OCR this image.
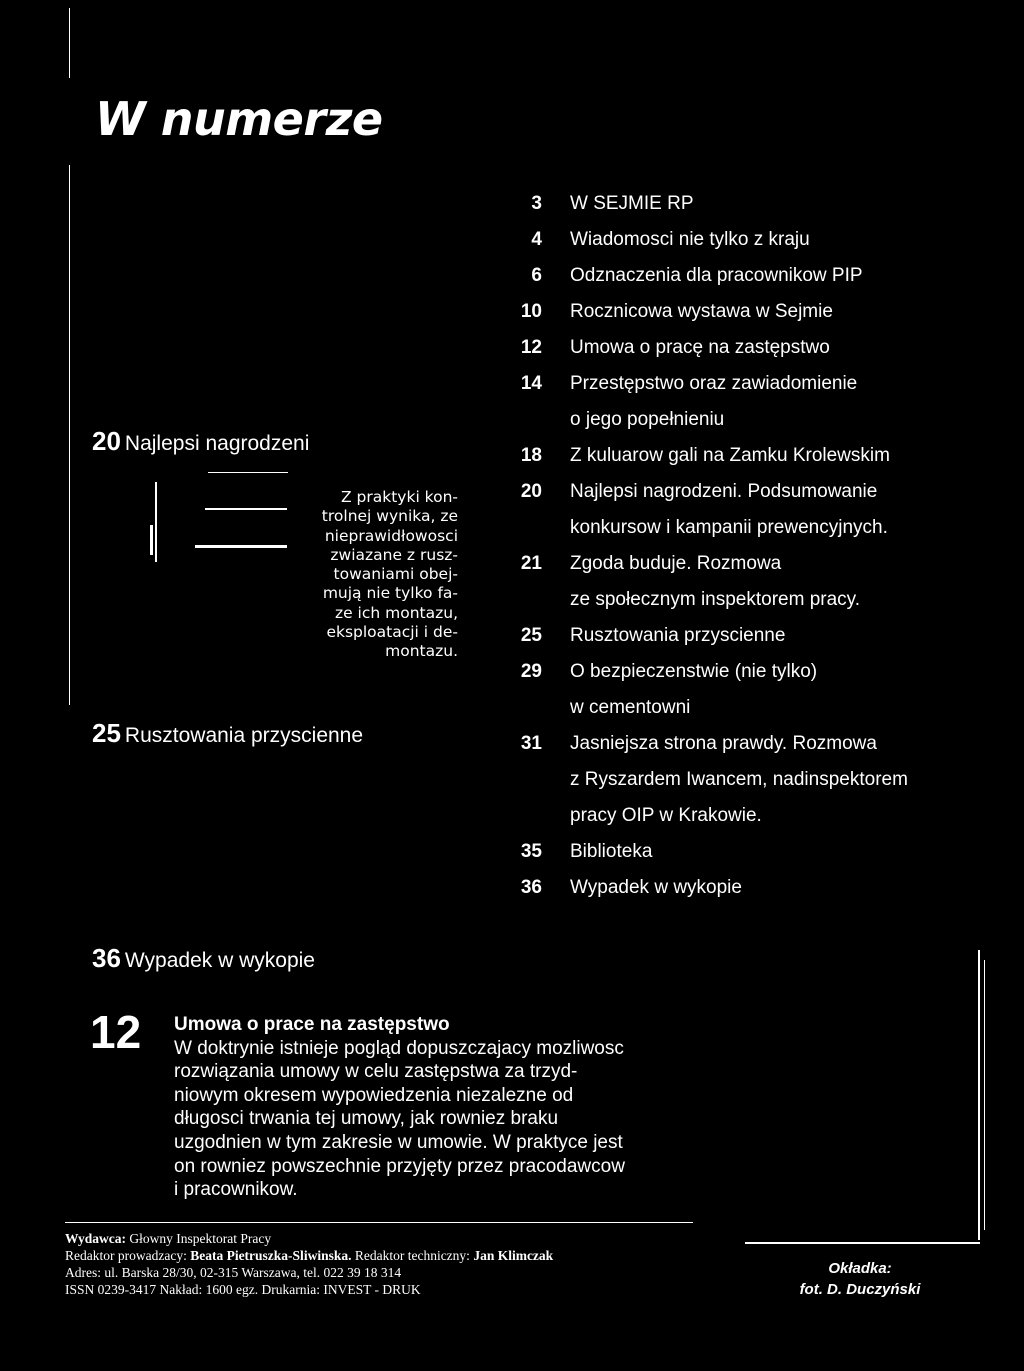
W numerze
20 Najlepsi nagrodzeni
Z praktyki kon-
trolnej wynika, ze
nieprawidłowosci
zwiazane z rusz-
towaniami obej-
mują nie tylko fa-
ze ich montazu,
eksploatacji i de-
montazu.
25 Rusztowania przyscienne
3 W SEJMIE RP
4 Wiadomosci nie tylko z kraju
6 Odznaczenia dla pracownikow PIP
10 Rocznicowa wystawa w Sejmie
12 Umowa o pracę na zastępstwo
14 Przestępstwo oraz zawiadomienie
o jego popełnieniu
18 Z kuluarow gali na Zamku Krolewskim
20 Najlepsi nagrodzeni. Podsumowanie
konkursow i kampanii prewencyjnych.
21 Zgoda buduje. Rozmowa
ze społecznym inspektorem pracy.
25 Rusztowania przyscienne
29 O bezpieczenstwie (nie tylko)
w cementowni
31 Jasniejsza strona prawdy. Rozmowa
z Ryszardem Iwancem, nadinspektorem
pracy OIP w Krakowie.
35 Biblioteka
36 Wypadek w wykopie
36 Wypadek w wykopie
12 Umowa o prace na zastępstwo
W doktrynie istnieje pogląd dopuszczajacy mozliwosc
rozwiązania umowy w celu zastępstwa za trzyd-
niowym okresem wypowiedzenia niezalezne od
długosci trwania tej umowy, jak rowniez braku
uzgodnien w tym zakresie w umowie. W praktyce jest
on rowniez powszechnie przyjęty przez pracodawcow
i pracownikow.
Wydawca: Głowny Inspektorat Pracy
Redaktor prowadzacy: Beata Pietruszka-Sliwinska. Redaktor techniczny: Jan Klimczak
Adres: ul. Barska 28/30, 02-315 Warszawa, tel. 022 39 18 314
ISSN 0239-3417 Nakład: 1600 egz. Drukarnia: INVEST - DRUK
Okładka:
fot. D. Duczyński
